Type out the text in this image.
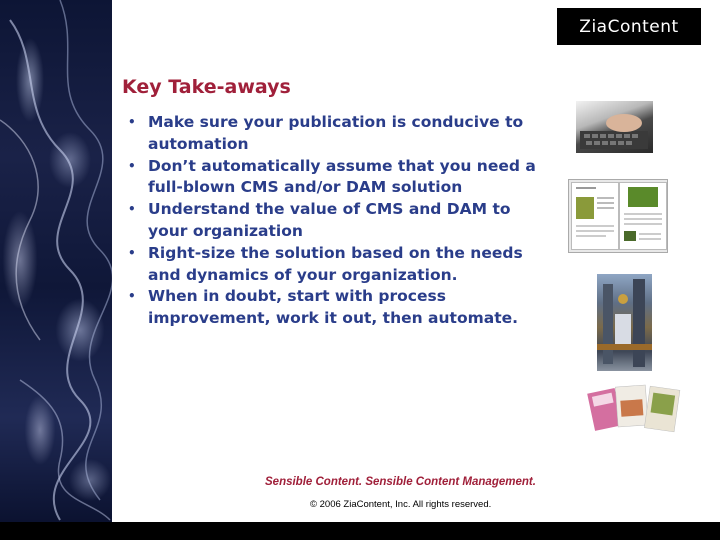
ZiaContent
Key Take-aways
• Make sure your publication is conducive to automation
• Don’t automatically assume that you need a full-blown CMS and/or DAM solution
• Understand the value of CMS and DAM to your organization
• Right-size the solution based on the needs and dynamics of your organization.
• When in doubt, start with process improvement, work it out, then automate.

Sensible Content. Sensible Content Management.

© 2006 ZiaContent, Inc. All rights reserved.
